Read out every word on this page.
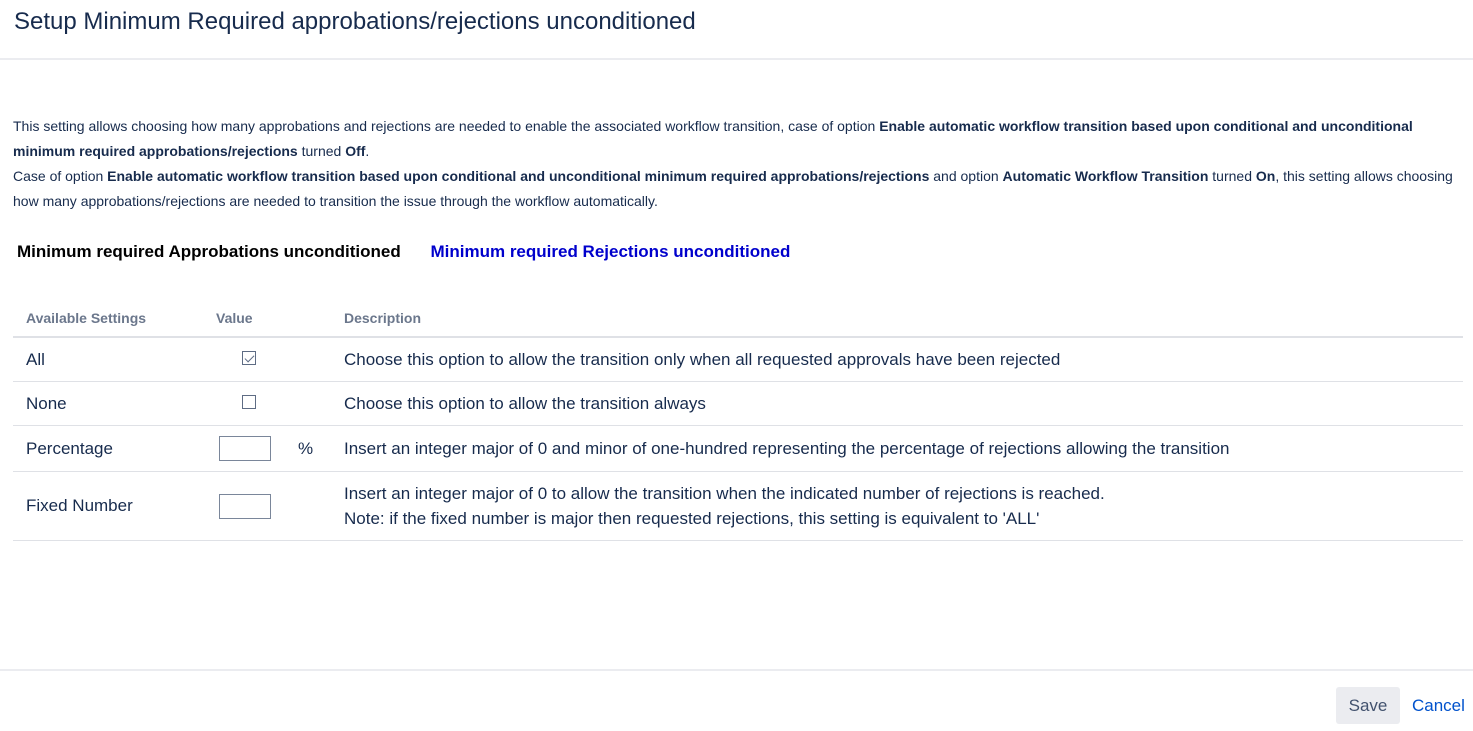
Setup Minimum Required approbations/rejections unconditioned

This setting allows choosing how many approbations and rejections are needed to enable the associated workflow transition, case of option Enable automatic workflow transition based upon conditional and unconditional minimum required approbations/rejections turned Off.

Case of option Enable automatic workflow transition based upon conditional and unconditional minimum required approbations/rejections and option Automatic Workflow Transition turned On, this setting allows choosing how many approbations/rejections are needed to transition the issue through the workflow automatically.

Minimum required Approbations unconditioned Minimum required Rejections unconditioned
Available Settings	Value		Description
All			Choose this option to allow the transition only when all requested approvals have been rejected
None			Choose this option to allow the transition always
Percentage		%	Insert an integer major of 0 and minor of one-hundred representing the percentage of rejections allowing the transition
Fixed Number			Insert an integer major of 0 to allow the transition when the indicated number of rejections is reached.
Note: if the fixed number is major then requested rejections, this setting is equivalent to 'ALL'
Save	Cancel
